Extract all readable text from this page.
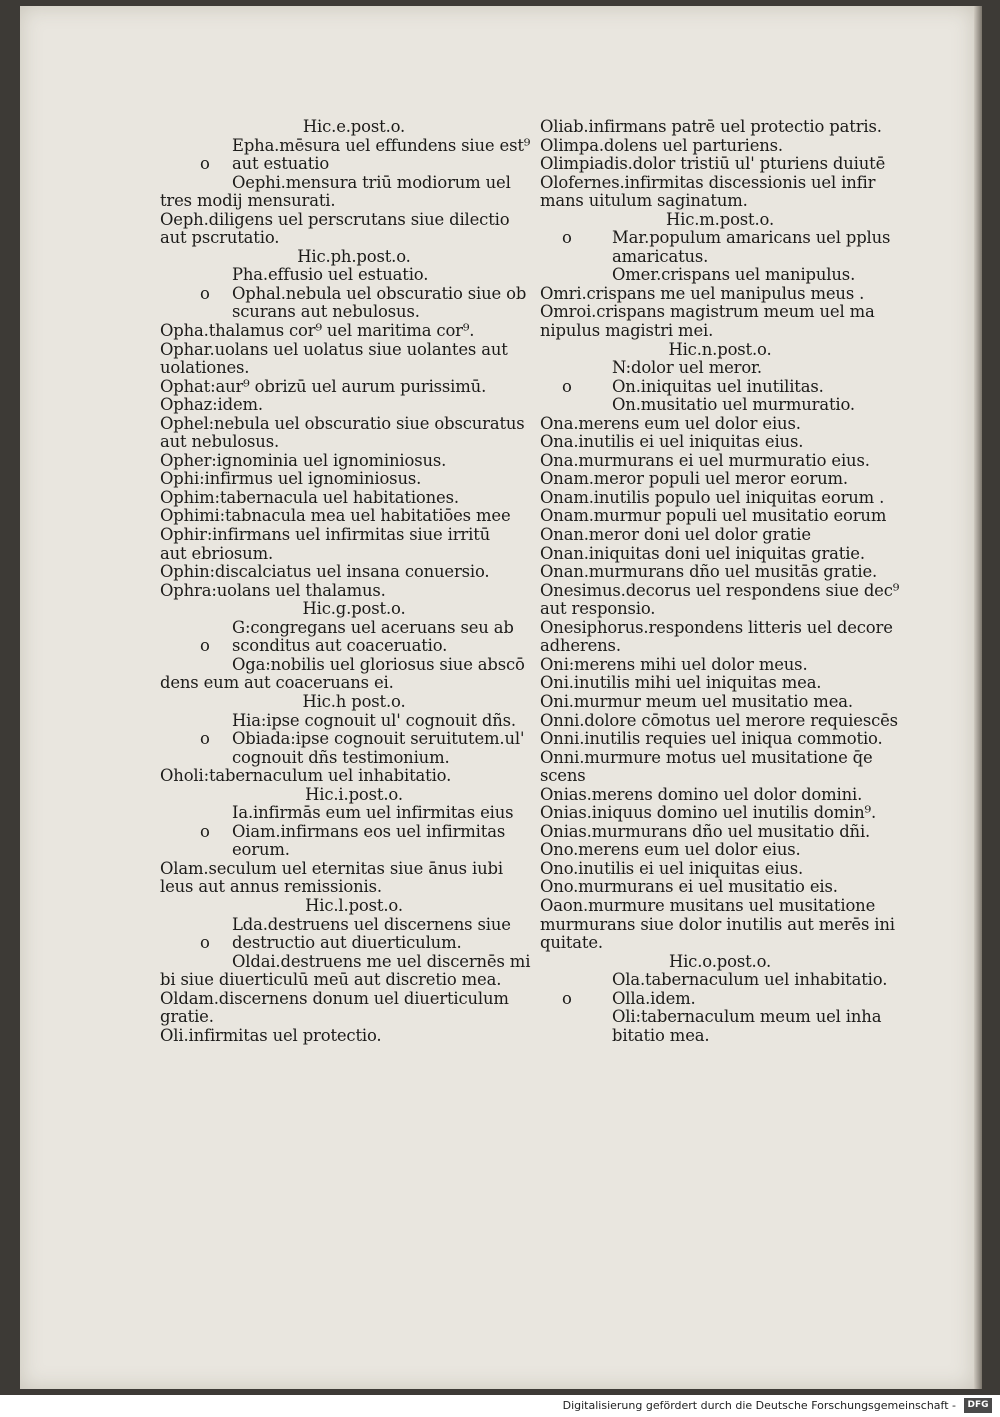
Hic.e.post.o.
Epha.mēsura uel effundens siue est⁹
o aut estuatio
Oephi.mensura triū modiorum uel
tres modij mensurati.
Oeph.diligens uel perscrutans siue dilectio
aut pscrutatio.
Hic.ph.post.o.
Pha.effusio uel estuatio.
o Ophal.nebula uel obscuratio siue ob
scurans aut nebulosus.
Opha.thalamus cor⁹ uel maritima cor⁹.
Ophar.uolans uel uolatus siue uolantes aut
uolationes.
Ophat:aur⁹ obrizū uel aurum purissimū.
Ophaz:idem.
Ophel:nebula uel obscuratio siue obscuratus
aut nebulosus.
Opher:ignominia uel ignominiosus.
Ophi:infirmus uel ignominiosus.
Ophim:tabernacula uel habitationes.
Ophimi:tabnacula mea uel habitatiōes mee
Ophir:infirmans uel infirmitas siue irritū
aut ebriosum.
Ophin:discalciatus uel insana conuersio.
Ophra:uolans uel thalamus.
Hic.g.post.o.
G:congregans uel aceruans seu ab
o sconditus aut coaceruatio.
Oga:nobilis uel gloriosus siue abscō
dens eum aut coaceruans ei.
Hic.h post.o.
Hia:ipse cognouit ul' cognouit dñs.
o Obiada:ipse cognouit seruitutem.ul'
cognouit dñs testimonium.
Oholi:tabernaculum uel inhabitatio.
Hic.i.post.o.
Ia.infirmās eum uel infirmitas eius
o Oiam.infirmans eos uel infirmitas
eorum.
Olam.seculum uel eternitas siue ānus iubi
leus aut annus remissionis.
Hic.l.post.o.
Lda.destruens uel discernens siue
o destructio aut diuerticulum.
Oldai.destruens me uel discernēs mi
bi siue diuerticulū meū aut discretio mea.
Oldam.discernens donum uel diuerticulum
gratie.
Oli.infirmitas uel protectio.
Oliab.infirmans patrē uel protectio patris.
Olimpa.dolens uel parturiens.
Olimpiadis.dolor tristiū ul' pturiens duiutē
Olofernes.infirmitas discessionis uel infir
mans uitulum saginatum.
Hic.m.post.o.
o Mar.populum amaricans uel pplus
amaricatus.
Omer.crispans uel manipulus.
Omri.crispans me uel manipulus meus .
Omroi.crispans magistrum meum uel ma
nipulus magistri mei.
Hic.n.post.o.
N:dolor uel meror.
o On.iniquitas uel inutilitas.
On.musitatio uel murmuratio.
Ona.merens eum uel dolor eius.
Ona.inutilis ei uel iniquitas eius.
Ona.murmurans ei uel murmuratio eius.
Onam.meror populi uel meror eorum.
Onam.inutilis populo uel iniquitas eorum .
Onam.murmur populi uel musitatio eorum
Onan.meror doni uel dolor gratie
Onan.iniquitas doni uel iniquitas gratie.
Onan.murmurans dño uel musitās gratie.
Onesimus.decorus uel respondens siue dec⁹
aut responsio.
Onesiphorus.respondens litteris uel decore
adherens.
Oni:merens mihi uel dolor meus.
Oni.inutilis mihi uel iniquitas mea.
Oni.murmur meum uel musitatio mea.
Onni.dolore cōmotus uel merore requiescēs
Onni.inutilis requies uel iniqua commotio.
Onni.murmure motus uel musitatione q̄e
scens
Onias.merens domino uel dolor domini.
Onias.iniquus domino uel inutilis domin⁹.
Onias.murmurans dño uel musitatio dñi.
Ono.merens eum uel dolor eius.
Ono.inutilis ei uel iniquitas eius.
Ono.murmurans ei uel musitatio eis.
Oaon.murmure musitans uel musitatione
murmurans siue dolor inutilis aut merēs ini
quitate.
Hic.o.post.o.
Ola.tabernaculum uel inhabitatio.
o Olla.idem.
Oli:tabernaculum meum uel inha
bitatio mea.
Digitalisierung gefördert durch die Deutsche Forschungsgemeinschaft -	DFG
